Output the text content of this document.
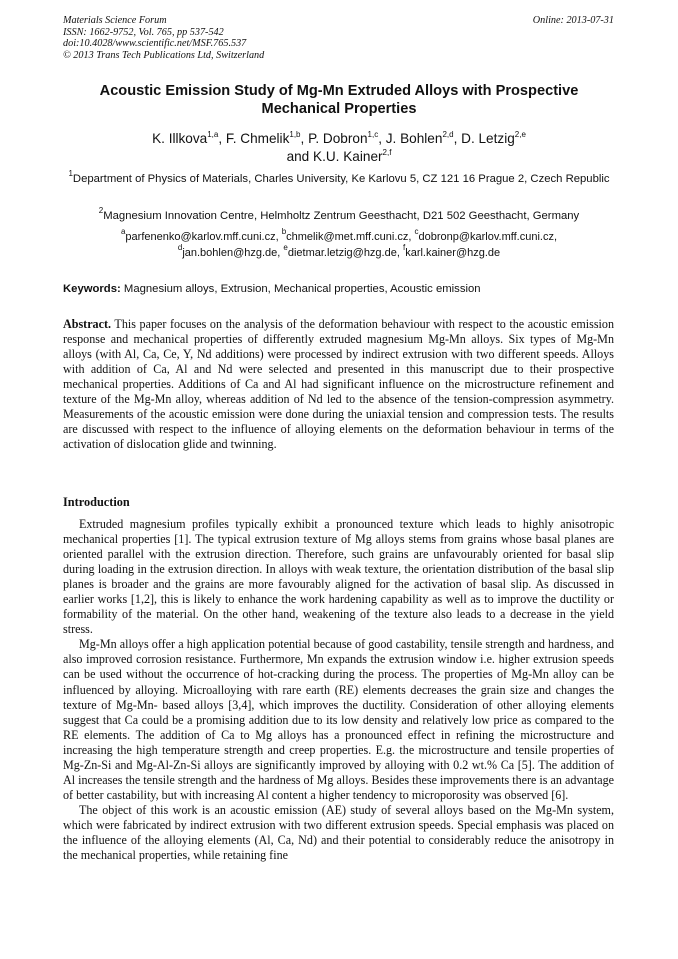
Materials Science Forum
ISSN: 1662-9752, Vol. 765, pp 537-542
doi:10.4028/www.scientific.net/MSF.765.537
© 2013 Trans Tech Publications Ltd, Switzerland
Online: 2013-07-31
Acoustic Emission Study of Mg-Mn Extruded Alloys with Prospective Mechanical Properties
K. Illkova$^{1,a}$, F. Chmelik$^{1,b}$, P. Dobron$^{1,c}$, J. Bohlen$^{2,d}$, D. Letzig$^{2,e}$
and K.U. Kainer$^{2,f}$
$^1$Department of Physics of Materials, Charles University, Ke Karlovu 5, CZ 121 16 Prague 2, Czech Republic
$^2$Magnesium Innovation Centre, Helmholtz Zentrum Geesthacht, D21 502 Geesthacht, Germany
$^a$parfenenko@karlov.mff.cuni.cz, $^b$chmelik@met.mff.cuni.cz, $^c$dobronp@karlov.mff.cuni.cz,
$^d$jan.bohlen@hzg.de, $^e$dietmar.letzig@hzg.de, $^f$karl.kainer@hzg.de
Keywords: Magnesium alloys, Extrusion, Mechanical properties, Acoustic emission

Abstract. This paper focuses on the analysis of the deformation behaviour with respect to the acoustic emission response and mechanical properties of differently extruded magnesium Mg-Mn alloys. Six types of Mg-Mn alloys (with Al, Ca, Ce, Y, Nd additions) were processed by indirect extrusion with two different speeds. Alloys with addition of Ca, Al and Nd were selected and presented in this manuscript due to their prospective mechanical properties. Additions of Ca and Al had significant influence on the microstructure refinement and texture of the Mg-Mn alloy, whereas addition of Nd led to the absence of the tension-compression asymmetry. Measurements of the acoustic emission were done during the uniaxial tension and compression tests. The results are discussed with respect to the influence of alloying elements on the deformation behaviour in terms of the activation of dislocation glide and twinning.

Introduction

Extruded magnesium profiles typically exhibit a pronounced texture which leads to highly anisotropic mechanical properties [1]. The typical extrusion texture of Mg alloys stems from grains whose basal planes are oriented parallel with the extrusion direction. Therefore, such grains are unfavourably oriented for basal slip during loading in the extrusion direction. In alloys with weak texture, the orientation distribution of the basal slip planes is broader and the grains are more favourably aligned for the activation of basal slip. As discussed in earlier works [1,2], this is likely to enhance the work hardening capability as well as to improve the ductility or formability of the material. On the other hand, weakening of the texture also leads to a decrease in the yield stress.

Mg-Mn alloys offer a high application potential because of good castability, tensile strength and hardness, and also improved corrosion resistance. Furthermore, Mn expands the extrusion window i.e. higher extrusion speeds can be used without the occurrence of hot-cracking during the process. The properties of Mg-Mn alloy can be influenced by alloying. Microalloying with rare earth (RE) elements decreases the grain size and changes the texture of Mg-Mn- based alloys [3,4], which improves the ductility. Consideration of other alloying elements suggest that Ca could be a promising addition due to its low density and relatively low price as compared to the RE elements. The addition of Ca to Mg alloys has a pronounced effect in refining the microstructure and increasing the high temperature strength and creep properties. E.g. the microstructure and tensile properties of Mg-Zn-Si and Mg-Al-Zn-Si alloys are significantly improved by alloying with 0.2 wt.% Ca [5]. The addition of Al increases the tensile strength and the hardness of Mg alloys. Besides these improvements there is an advantage of better castability, but with increasing Al content a higher tendency to microporosity was observed [6].

The object of this work is an acoustic emission (AE) study of several alloys based on the Mg-Mn system, which were fabricated by indirect extrusion with two different extrusion speeds. Special emphasis was placed on the influence of the alloying elements (Al, Ca, Nd) and their potential to considerably reduce the anisotropy in the mechanical properties, while retaining fine
